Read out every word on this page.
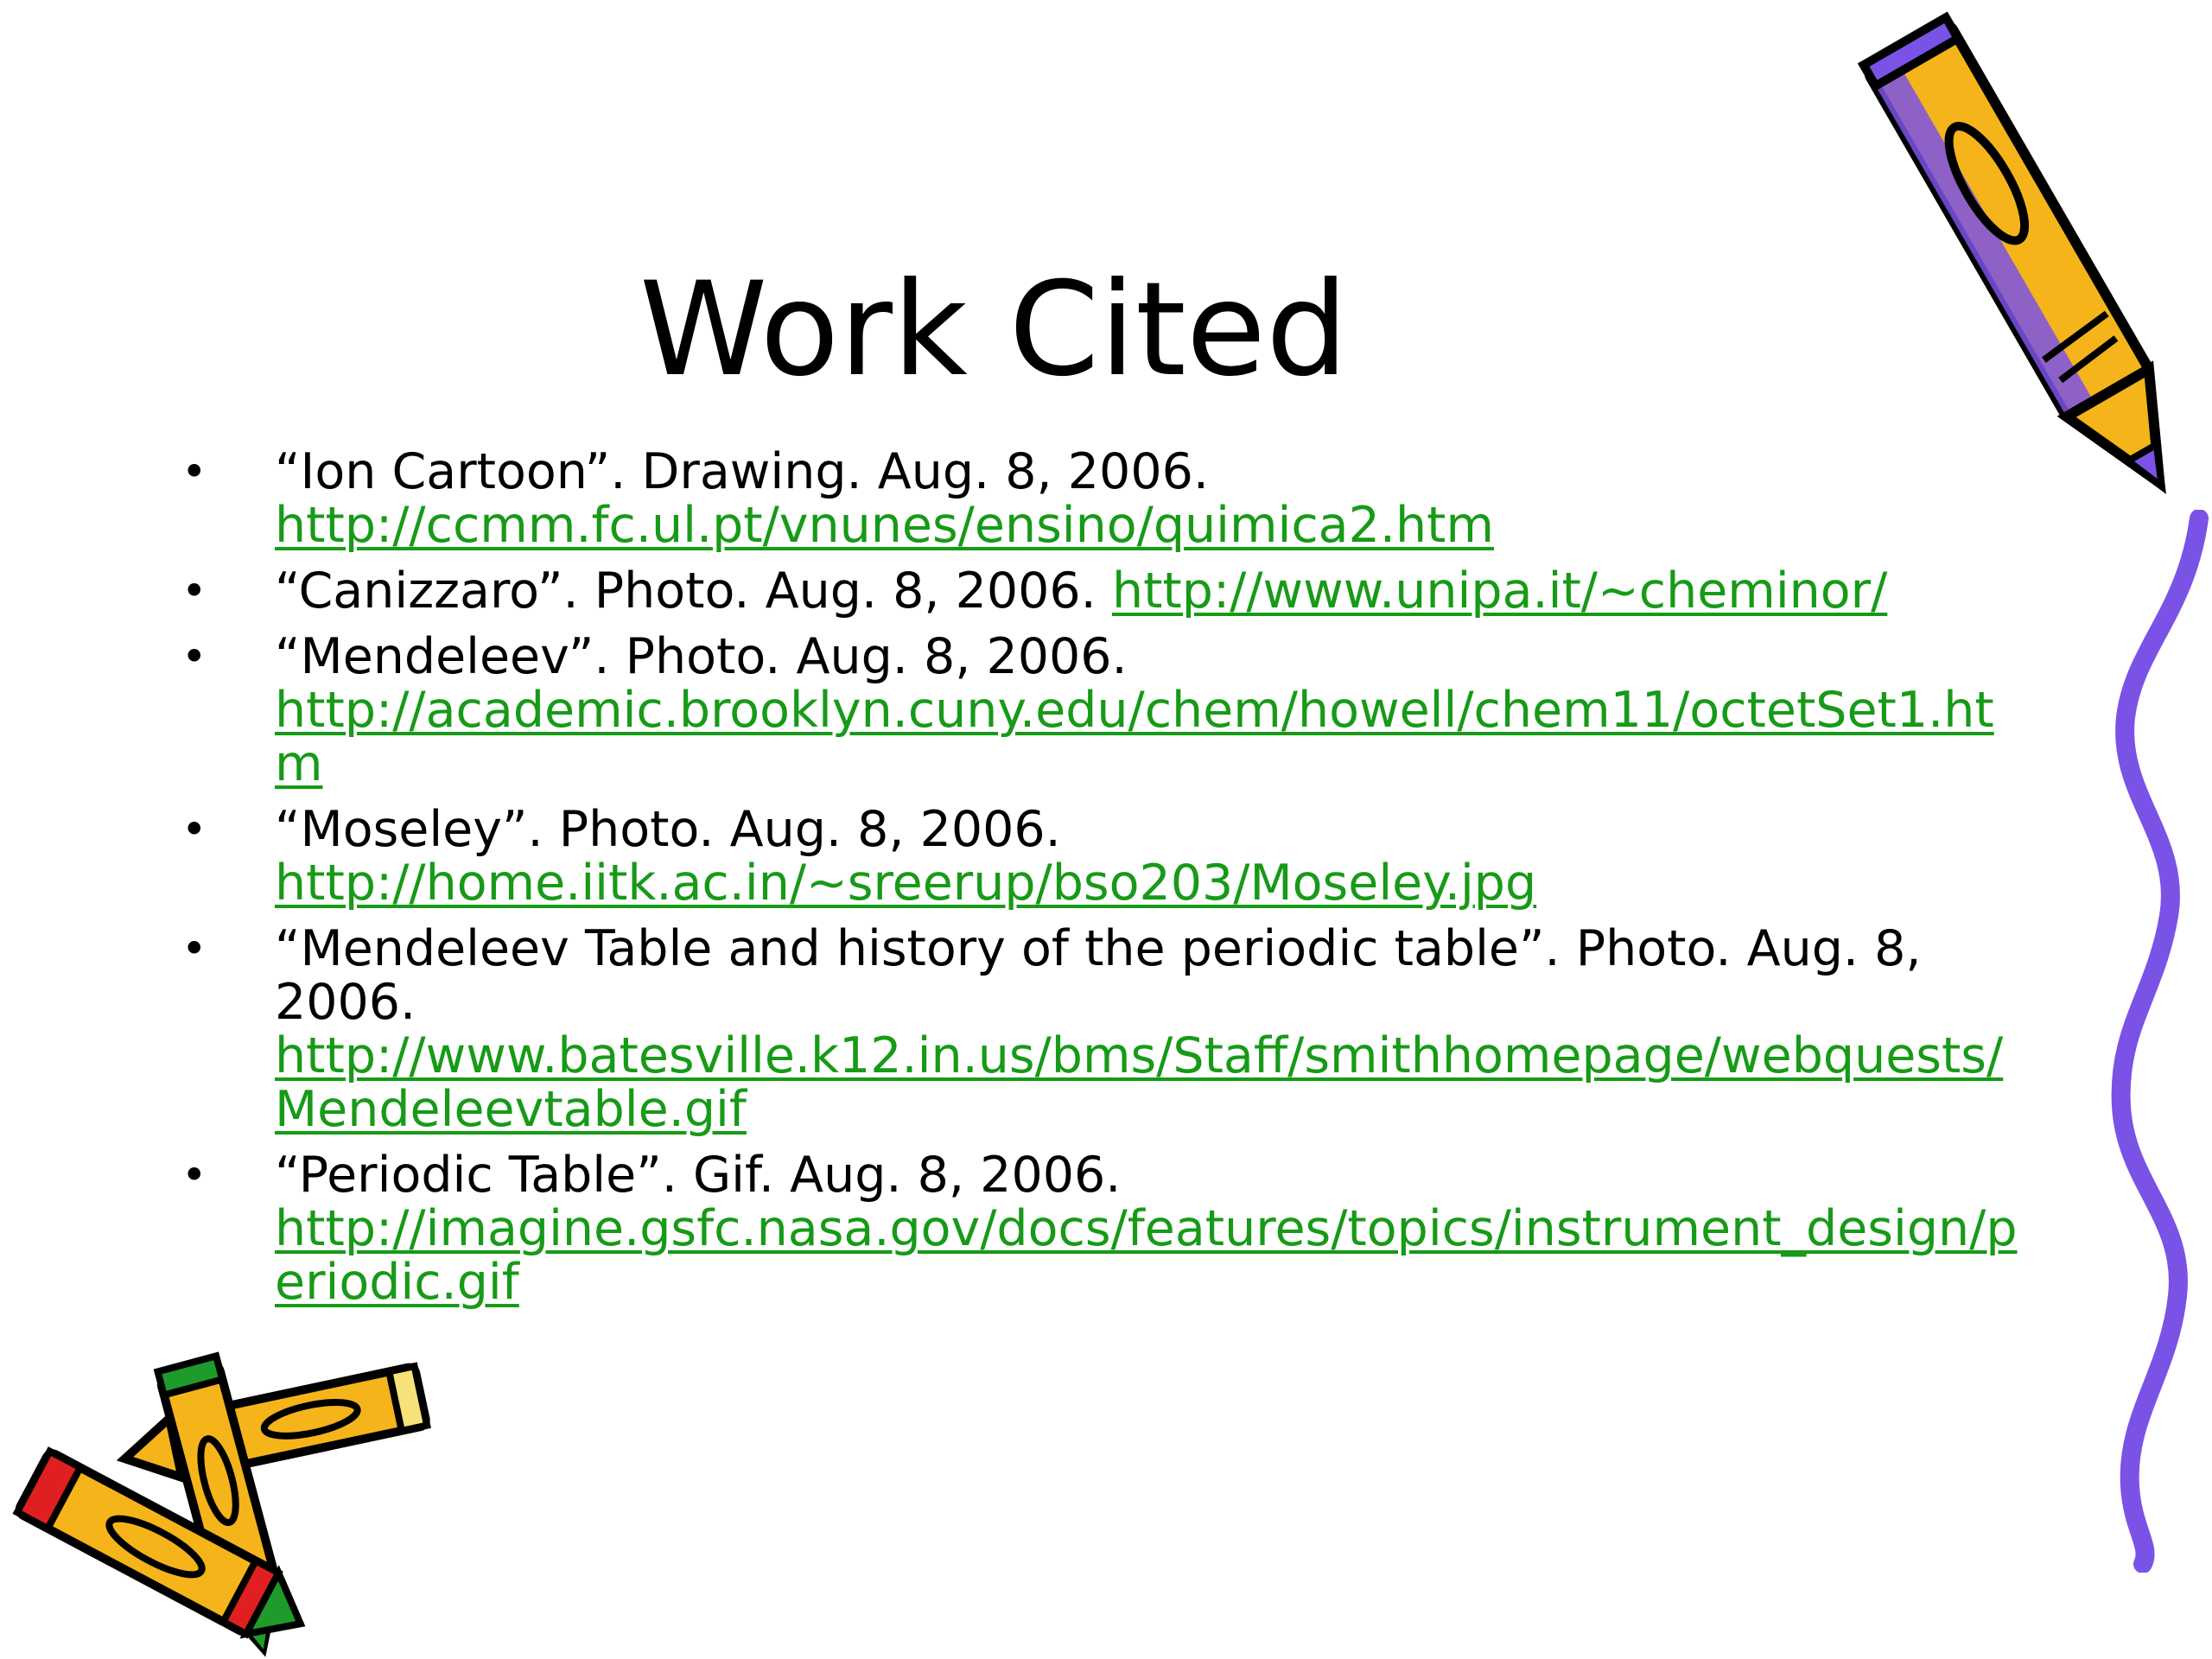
Work Cited
• “Ion Cartoon”. Drawing. Aug. 8, 2006.
http://ccmm.fc.ul.pt/vnunes/ensino/quimica2.htm
• “Canizzaro”. Photo. Aug. 8, 2006. http://www.unipa.it/~cheminor/
• “Mendeleev”. Photo. Aug. 8, 2006.
http://academic.brooklyn.cuny.edu/chem/howell/chem11/octetSet1.htm
• “Moseley”. Photo. Aug. 8, 2006.
http://home.iitk.ac.in/~sreerup/bso203/Moseley.jpg
• “Mendeleev Table and history of the periodic table”. Photo. Aug. 8, 2006.
http://www.batesville.k12.in.us/bms/Staff/smithhomepage/webquests/Mendeleevtable.gif
• “Periodic Table”. Gif. Aug. 8, 2006.
http://imagine.gsfc.nasa.gov/docs/features/topics/instrument_design/periodic.gif
